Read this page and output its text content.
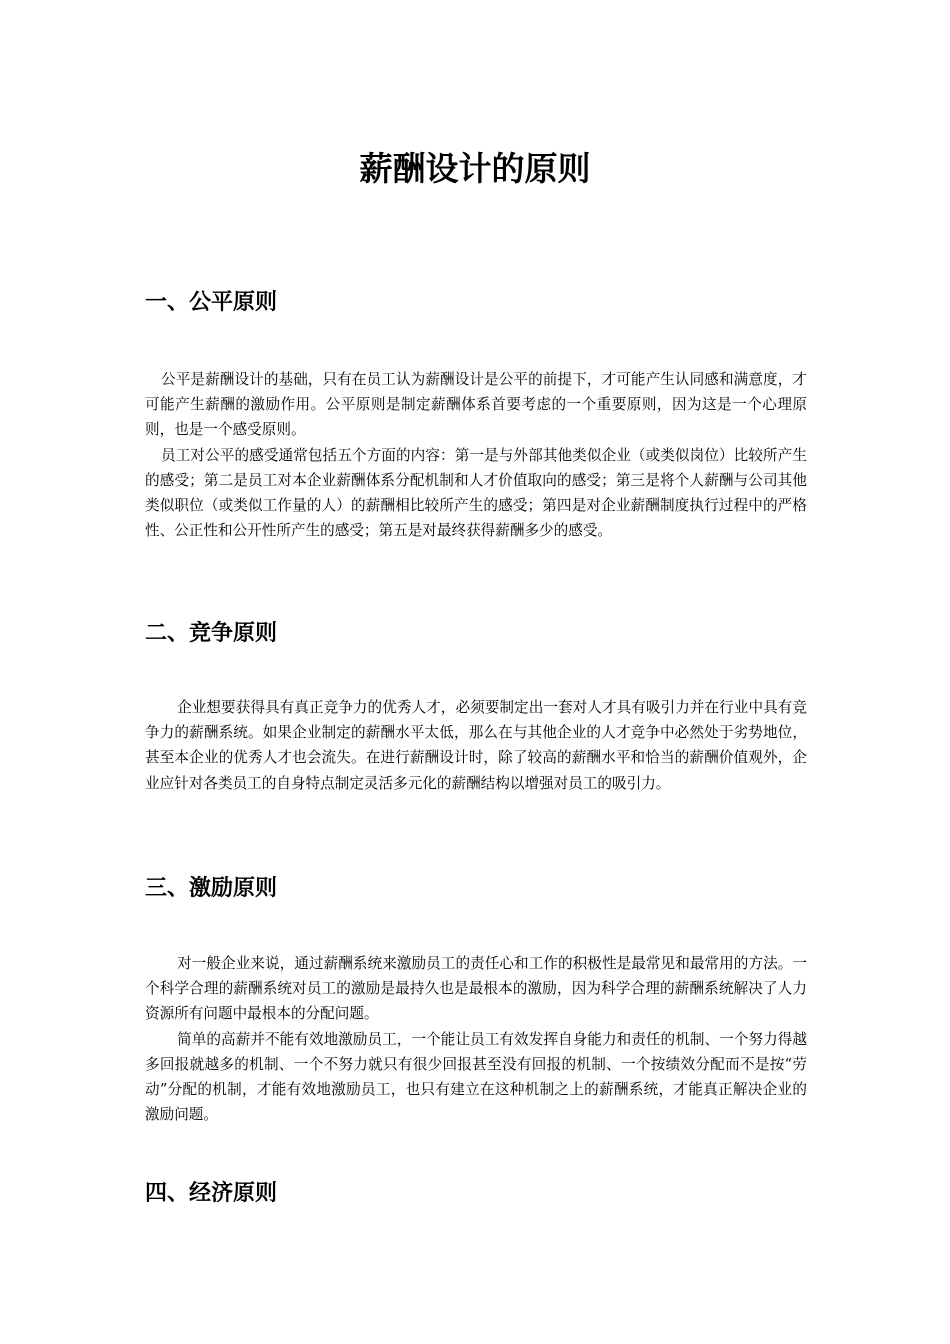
薪酬设计的原则
一、公平原则

公平是薪酬设计的基础，只有在员工认为薪酬设计是公平的前提下，才可能产生认同感和满意度，才可能产生薪酬的激励作用。公平原则是制定薪酬体系首要考虑的一个重要原则，因为这是一个心理原则，也是一个感受原则。

员工对公平的感受通常包括五个方面的内容：第一是与外部其他类似企业（或类似岗位）比较所产生的感受；第二是员工对本企业薪酬体系分配机制和人才价值取向的感受；第三是将个人薪酬与公司其他类似职位（或类似工作量的人）的薪酬相比较所产生的感受；第四是对企业薪酬制度执行过程中的严格性、公正性和公开性所产生的感受；第五是对最终获得薪酬多少的感受。

二、竞争原则

企业想要获得具有真正竞争力的优秀人才，必须要制定出一套对人才具有吸引力并在行业中具有竞争力的薪酬系统。如果企业制定的薪酬水平太低，那么在与其他企业的人才竞争中必然处于劣势地位，甚至本企业的优秀人才也会流失。在进行薪酬设计时，除了较高的薪酬水平和恰当的薪酬价值观外，企业应针对各类员工的自身特点制定灵活多元化的薪酬结构以增强对员工的吸引力。

三、激励原则

对一般企业来说，通过薪酬系统来激励员工的责任心和工作的积极性是最常见和最常用的方法。一个科学合理的薪酬系统对员工的激励是最持久也是最根本的激励，因为科学合理的薪酬系统解决了人力资源所有问题中最根本的分配问题。

简单的高薪并不能有效地激励员工，一个能让员工有效发挥自身能力和责任的机制、一个努力得越多回报就越多的机制、一个不努力就只有很少回报甚至没有回报的机制、一个按绩效分配而不是按“劳动”分配的机制，才能有效地激励员工，也只有建立在这种机制之上的薪酬系统，才能真正解决企业的激励问题。

四、经济原则
